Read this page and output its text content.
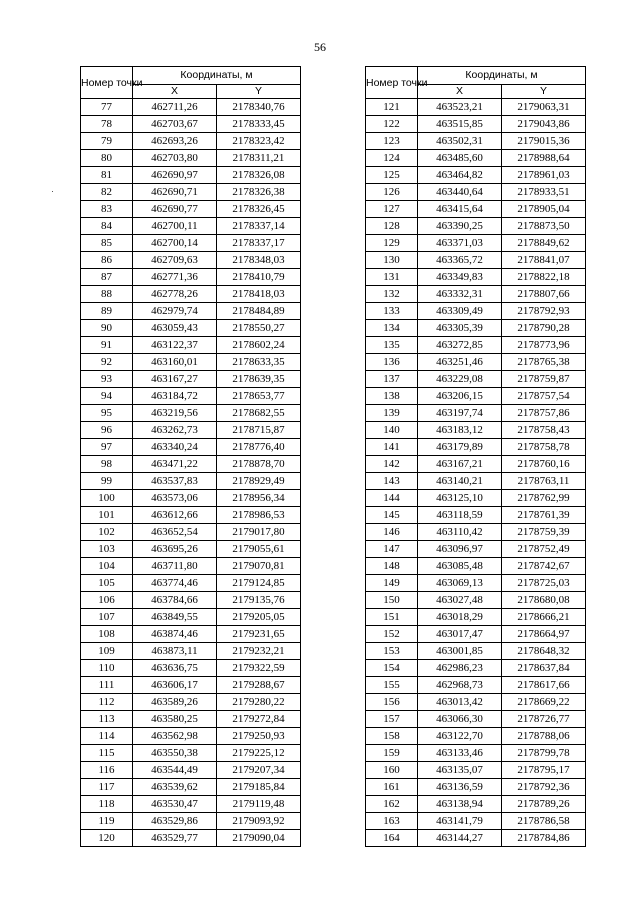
56
Номер точки	Координаты, м	
	X	Y
77	462711,26	2178340,76
78	462703,67	2178333,45
79	462693,26	2178323,42
80	462703,80	2178311,21
81	462690,97	2178326,08
82	462690,71	2178326,38
83	462690,77	2178326,45
84	462700,11	2178337,14
85	462700,14	2178337,17
86	462709,63	2178348,03
87	462771,36	2178410,79
88	462778,26	2178418,03
89	462979,74	2178484,89
90	463059,43	2178550,27
91	463122,37	2178602,24
92	463160,01	2178633,35
93	463167,27	2178639,35
94	463184,72	2178653,77
95	463219,56	2178682,55
96	463262,73	2178715,87
97	463340,24	2178776,40
98	463471,22	2178878,70
99	463537,83	2178929,49
100	463573,06	2178956,34
101	463612,66	2178986,53
102	463652,54	2179017,80
103	463695,26	2179055,61
104	463711,80	2179070,81
105	463774,46	2179124,85
106	463784,66	2179135,76
107	463849,55	2179205,05
108	463874,46	2179231,65
109	463873,11	2179232,21
110	463636,75	2179322,59
111	463606,17	2179288,67
112	463589,26	2179280,22
113	463580,25	2179272,84
114	463562,98	2179250,93
115	463550,38	2179225,12
116	463544,49	2179207,34
117	463539,62	2179185,84
118	463530,47	2179119,48
119	463529,86	2179093,92
120	463529,77	2179090,04
Номер точки	Координаты, м	
	X	Y
121	463523,21	2179063,31
122	463515,85	2179043,86
123	463502,31	2179015,36
124	463485,60	2178988,64
125	463464,82	2178961,03
126	463440,64	2178933,51
127	463415,64	2178905,04
128	463390,25	2178873,50
129	463371,03	2178849,62
130	463365,72	2178841,07
131	463349,83	2178822,18
132	463332,31	2178807,66
133	463309,49	2178792,93
134	463305,39	2178790,28
135	463272,85	2178773,96
136	463251,46	2178765,38
137	463229,08	2178759,87
138	463206,15	2178757,54
139	463197,74	2178757,86
140	463183,12	2178758,43
141	463179,89	2178758,78
142	463167,21	2178760,16
143	463140,21	2178763,11
144	463125,10	2178762,99
145	463118,59	2178761,39
146	463110,42	2178759,39
147	463096,97	2178752,49
148	463085,48	2178742,67
149	463069,13	2178725,03
150	463027,48	2178680,08
151	463018,29	2178666,21
152	463017,47	2178664,97
153	463001,85	2178648,32
154	462986,23	2178637,84
155	462968,73	2178617,66
156	463013,42	2178669,22
157	463066,30	2178726,77
158	463122,70	2178788,06
159	463133,46	2178799,78
160	463135,07	2178795,17
161	463136,59	2178792,36
162	463138,94	2178789,26
163	463141,79	2178786,58
164	463144,27	2178784,86
